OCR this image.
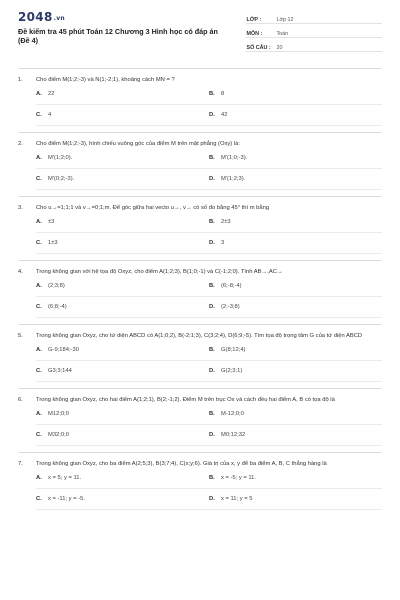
2048.vn
Đề kiểm tra 45 phút Toán 12 Chương 3 Hình học có đáp án
(Đề 4)
LỚP :	Lớp 12
MÔN :	Toán
SỐ CÂU :	20
1.	Cho điểm M(1;2;-3) và N(1;-2;1), khoảng cách MN = ?
A.	22	B.	8
C.	4	D.	42
2.	Cho điểm M(1;2;-3), hình chiếu vuông góc của điểm M trên mặt phẳng (Oxy) là:
A.	M'(1;2;0).	B.	M'(1;0;-3).
C.	M'(0;2;-3).	D.	M'(1;2;3).
3.	Cho u→=1;1;1 và v→=0;1;m. Để góc giữa hai vecto u→, v→ có số đo bằng 45° thì m bằng
A.	±3	B.	2±3
C.	1±3	D.	3
4.	Trong không gian với hệ tọa độ Oxyz, cho điểm A(1;2;3), B(1;0;-1) và C(-1;2;0). Tính AB→,AC→
A.	(2;3;8)	B.	(6;-8;-4)
C.	(6;8;-4)	D.	(2;-3;8)
5.	Trong không gian Oxyz, cho tứ diện ABCD có A(1;0;2), B(-2;1;3), C(3;2;4), D(6;9;-5). Tìm tọa độ trọng tâm G của tứ diện ABCD
A.	G-9;184;-30	B.	G(8;12;4)
C.	G3;3;144	D.	G(2;3;1)
6.	Trong không gian Oxyz, cho hai điểm A(1;2;1), B(2;-1;2). Điểm M trên trục Ox và cách đều hai điểm A, B có tọa độ là
A.	M12;0;0	B.	M-12;0;0
C.	M32;0;0	D.	M0;12;32
7.	Trong không gian Oxyz, cho ba điểm A(2;5;3), B(3;7;4), C(x;y;6). Giá trị của x, y để ba điểm A, B, C thẳng hàng là
A.	x = 5; y = 11.	B.	x = -5; y = 11.
C.	x = -11; y = -5.	D.	x = 11; y = 5
